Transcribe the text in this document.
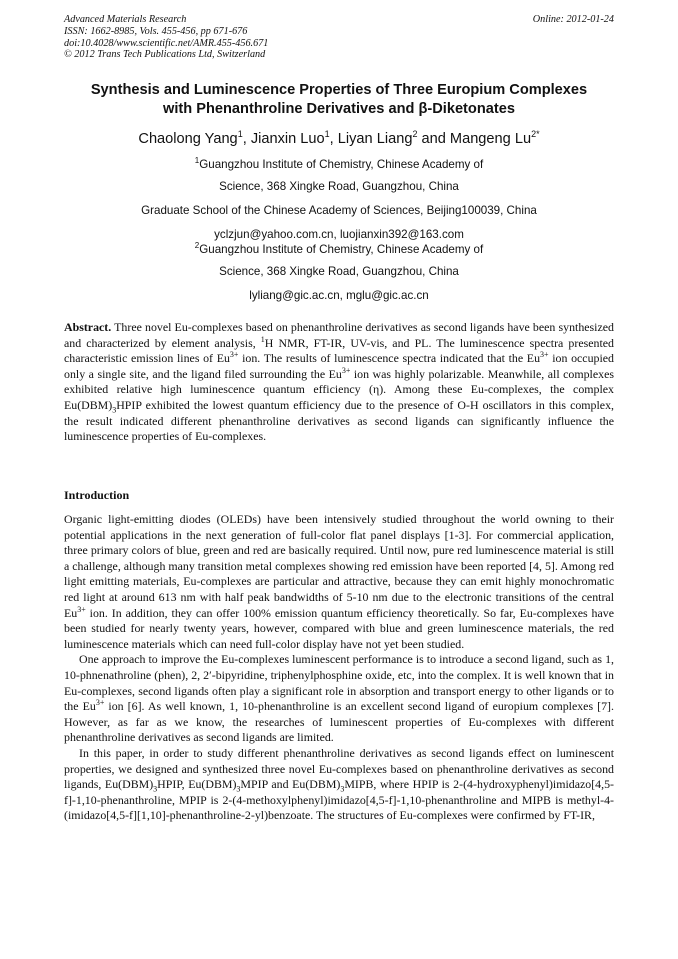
Advanced Materials Research
ISSN: 1662-8985, Vols. 455-456, pp 671-676
doi:10.4028/www.scientific.net/AMR.455-456.671
© 2012 Trans Tech Publications Ltd, Switzerland
Online: 2012-01-24
Synthesis and Luminescence Properties of Three Europium Complexes
with Phenanthroline Derivatives and β-Diketonates
Chaolong Yang$^1$, Jianxin Luo$^1$, Liyan Liang$^2$ and Mangeng $Lu^{2*}$
$^1$Guangzhou Institute of Chemistry, Chinese Academy of
Science, 368 Xingke Road, Guangzhou, China
Graduate School of the Chinese Academy of Sciences, Beijing100039, China
yclzjun@yahoo.com.cn, luojianxin392@163.com
$^2$Guangzhou Institute of Chemistry, Chinese Academy of
Science, 368 Xingke Road, Guangzhou, China
lyliang@gic.ac.cn, mglu@gic.ac.cn

Abstract. Three novel Eu-complexes based on phenanthroline derivatives as second ligands have been synthesized and characterized by element analysis, $^1$H NMR, FT-IR, UV-vis, and PL. The luminescence spectra presented characteristic emission lines of $Eu^{3+}$ ion. The results of luminescence spectra indicated that the $Eu^{3+}$ ion occupied only a single site, and the ligand filed surrounding the $Eu^{3+}$ ion was highly polarizable. Meanwhile, all complexes exhibited relative high luminescence quantum efficiency (η). Among these Eu-complexes, the complex $Eu(DBM)_3HPIP$ exhibited the lowest quantum efficiency due to the presence of O-H oscillators in this complex, the result indicated different phenanthroline derivatives as second ligands can significantly influence the luminescence properties of Eu-complexes.

Introduction

Organic light-emitting diodes (OLEDs) have been intensively studied throughout the world owning to their potential applications in the next generation of full-color flat panel displays [1-3]. For commercial application, three primary colors of blue, green and red are basically required. Until now, pure red luminescence material is still a challenge, although many transition metal complexes showing red emission have been reported [4, 5]. Among red light emitting materials, Eu-complexes are particular and attractive, because they can emit highly monochromatic red light at around 613 nm with half peak bandwidths of 5-10 nm due to the electronic transitions of the central $Eu^{3+}$ ion. In addition, they can offer 100% emission quantum efficiency theoretically. So far, Eu-complexes have been studied for nearly twenty years, however, compared with blue and green luminescence materials, the red luminescence materials which can need full-color display have not yet been studied.

One approach to improve the Eu-complexes luminescent performance is to introduce a second ligand, such as 1, 10-phnenathroline (phen), 2, 2′-bipyridine, triphenylphosphine oxide, etc, into the complex. It is well known that in Eu-complexes, second ligands often play a significant role in absorption and transport energy to other ligands or to the $Eu^{3+}$ ion [6]. As well known, 1, 10-phenanthroline is an excellent second ligand of europium complexes [7]. However, as far as we know, the researches of luminescent properties of Eu-complexes with different phenanthroline derivatives as second ligands are limited.

In this paper, in order to study different phenanthroline derivatives as second ligands effect on luminescent properties, we designed and synthesized three novel Eu-complexes based on phenanthroline derivatives as second ligands, $Eu(DBM)_3HPIP$, $Eu(DBM)_3MPIP$ and $Eu(DBM)_3MIPB$, where HPIP is 2-(4-hydroxyphenyl)imidazo[4,5-f]-1,10-phenanthroline, MPIP is 2-(4-methoxylphenyl)imidazo[4,5-f]-1,10-phenanthroline and MIPB is methyl-4-(imidazo[4,5-f][1,10]-phenanthroline-2-yl)benzoate. The structures of Eu-complexes were confirmed by FT-IR,
